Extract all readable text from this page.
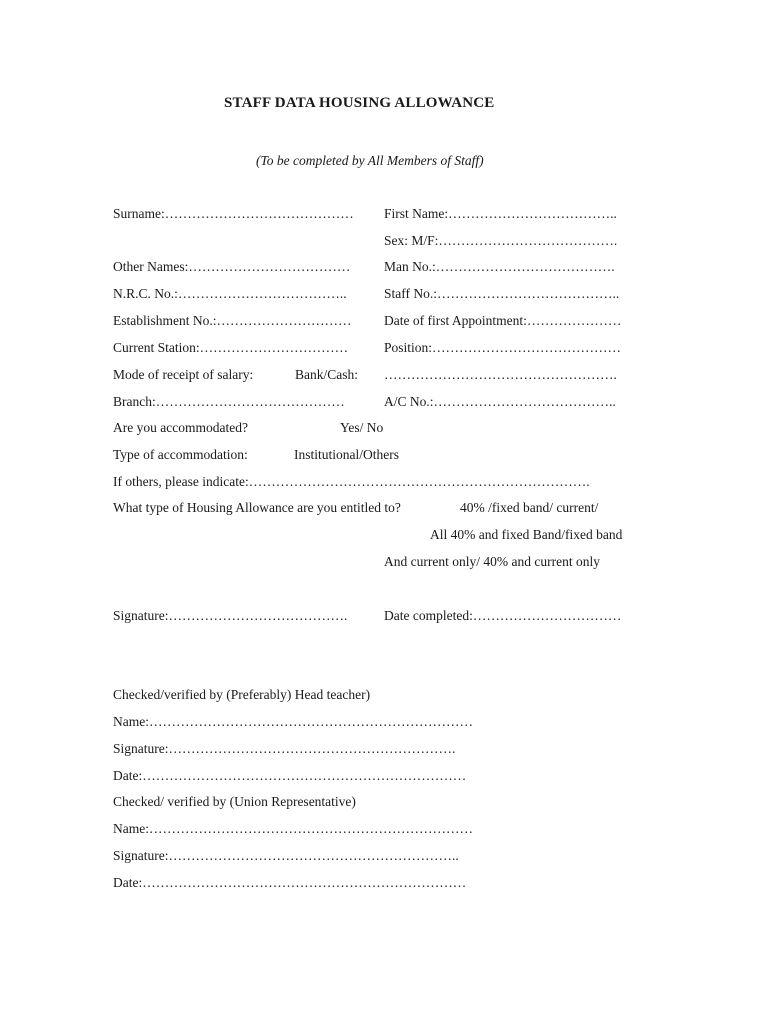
STAFF DATA HOUSING ALLOWANCE
(To be completed by All Members of Staff)
Surname:…………………………………… First Name:………………………………..
Sex: M/F:………………………………….
Other Names:……………………………… Man No.:………………………………….
N.R.C. No.:………………………………..	Staff No.:…………………………………..
Establishment No.:………………………… Date of first Appointment:…………………
Current Station:……………………………	Position:……………………………………
Mode of receipt of salary:	Bank/Cash: …………………………………………….
Branch:……………………………………	A/C No.:…………………………………..
Are you accommodated?	Yes/ No
Type of accommodation:	Institutional/Others
If others, please indicate:………………………………………………………………….
What type of Housing Allowance are you entitled to?	40% /fixed band/ current/
All 40% and fixed Band/fixed band
And current only/ 40% and current only
Signature:………………………………….	Date completed:……………………………
Checked/verified by (Preferably) Head teacher)
Name:………………………………………………………………
Signature:……………………………………………………….
Date:………………………………………………………………
Checked/ verified by (Union Representative)
Name:………………………………………………………………
Signature:………………………………………………………..
Date:………………………………………………………………
